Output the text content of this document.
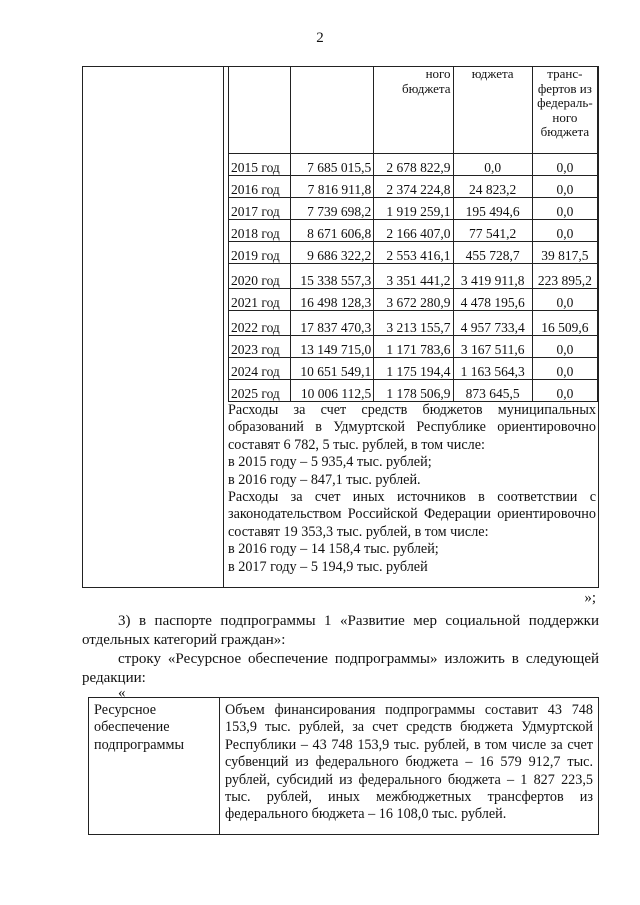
2
		ного бюджета	юджета	транс-фертов из федераль-ного бюджета
2015 год	7 685 015,5	2 678 822,9	0,0	0,0
2016 год	7 816 911,8	2 374 224,8	24 823,2	0,0
2017 год	7 739 698,2	1 919 259,1	195 494,6	0,0
2018 год	8 671 606,8	2 166 407,0	77 541,2	0,0
2019 год	9 686 322,2	2 553 416,1	455 728,7	39 817,5
2020 год	15 338 557,3	3 351 441,2	3 419 911,8	223 895,2
2021 год	16 498 128,3	3 672 280,9	4 478 195,6	0,0
2022 год	17 837 470,3	3 213 155,7	4 957 733,4	16 509,6
2023 год	13 149 715,0	1 171 783,6	3 167 511,6	0,0
2024 год	10 651 549,1	1 175 194,4	1 163 564,3	0,0
2025 год	10 006 112,5	1 178 506,9	873 645,5	0,0

Расходы за счет средств бюджетов муниципальных образований в Удмуртской Республике ориентировочно составят 6 782, 5 тыс. рублей, в том числе:

в 2015 году – 5 935,4 тыс. рублей;

в 2016 году – 847,1 тыс. рублей.

Расходы за счет иных источников в соответствии с законодательством Российской Федерации ориентировочно составят 19 353,3 тыс. рублей, в том числе:

в 2016 году – 14 158,4 тыс. рублей;

в 2017 году – 5 194,9 тыс. рублей

»;
3) в паспорте подпрограммы 1 «Развитие мер социальной поддержки отдельных категорий граждан»:
строку «Ресурсное обеспечение подпрограммы» изложить в следующей редакции:
«
Ресурсное обеспечение подпрограммы
Объем финансирования подпрограммы составит 43 748 153,9 тыс. рублей, за счет средств бюджета Удмуртской Республики – 43 748 153,9 тыс. рублей, в том числе за счет субвенций из федерального бюджета – 16 579 912,7 тыс. рублей, субсидий из федерального бюджета – 1 827 223,5 тыс. рублей, иных межбюджетных трансфертов из федерального бюджета – 16 108,0 тыс. рублей.
